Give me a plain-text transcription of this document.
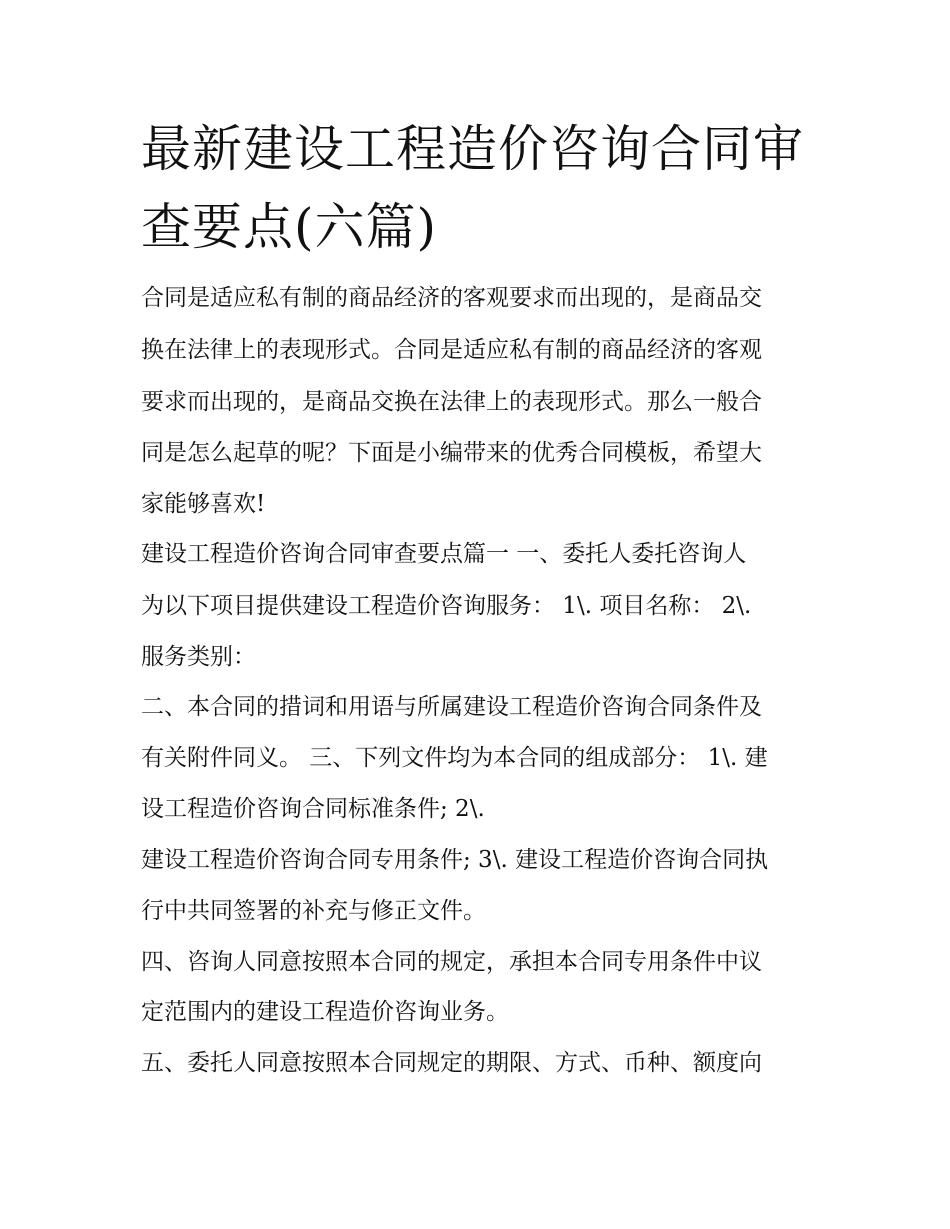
最新建设工程造价咨询合同审
查要点(六篇)

合同是适应私有制的商品经济的客观要求而出现的，是商品交

换在法律上的表现形式。合同是适应私有制的商品经济的客观

要求而出现的，是商品交换在法律上的表现形式。那么一般合

同是怎么起草的呢？下面是小编带来的优秀合同模板，希望大

家能够喜欢!

建设工程造价咨询合同审查要点篇一 一、委托人委托咨询人

为以下项目提供建设工程造价咨询服务： 1\. 项目名称： 2\.

服务类别：

二、本合同的措词和用语与所属建设工程造价咨询合同条件及

有关附件同义。 三、下列文件均为本合同的组成部分： 1\. 建

设工程造价咨询合同标准条件; 2\.

建设工程造价咨询合同专用条件; 3\. 建设工程造价咨询合同执

行中共同签署的补充与修正文件。

四、咨询人同意按照本合同的规定，承担本合同专用条件中议

定范围内的建设工程造价咨询业务。

五、委托人同意按照本合同规定的期限、方式、币种、额度向
